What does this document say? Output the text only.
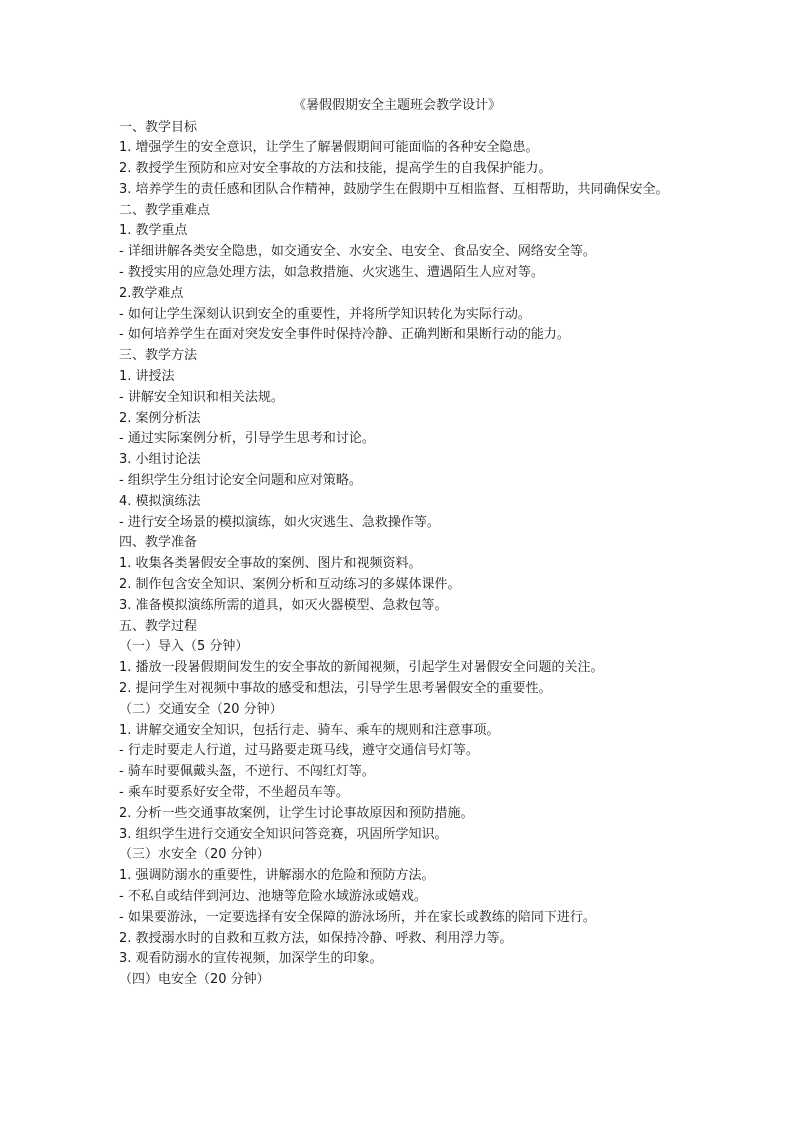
《暑假假期安全主题班会教学设计》
一、教学目标
1. 增强学生的安全意识，让学生了解暑假期间可能面临的各种安全隐患。
2. 教授学生预防和应对安全事故的方法和技能，提高学生的自我保护能力。
3. 培养学生的责任感和团队合作精神，鼓励学生在假期中互相监督、互相帮助，共同确保安全。
二、教学重难点
1. 教学重点
- 详细讲解各类安全隐患，如交通安全、水安全、电安全、食品安全、网络安全等。
- 教授实用的应急处理方法，如急救措施、火灾逃生、遭遇陌生人应对等。
2.教学难点
- 如何让学生深刻认识到安全的重要性，并将所学知识转化为实际行动。
- 如何培养学生在面对突发安全事件时保持冷静、正确判断和果断行动的能力。
三、教学方法
1. 讲授法
- 讲解安全知识和相关法规。
2. 案例分析法
- 通过实际案例分析，引导学生思考和讨论。
3. 小组讨论法
- 组织学生分组讨论安全问题和应对策略。
4. 模拟演练法
- 进行安全场景的模拟演练，如火灾逃生、急救操作等。
四、教学准备
1. 收集各类暑假安全事故的案例、图片和视频资料。
2. 制作包含安全知识、案例分析和互动练习的多媒体课件。
3. 准备模拟演练所需的道具，如灭火器模型、急救包等。
五、教学过程
（一）导入（5 分钟）
1. 播放一段暑假期间发生的安全事故的新闻视频，引起学生对暑假安全问题的关注。
2. 提问学生对视频中事故的感受和想法，引导学生思考暑假安全的重要性。
（二）交通安全（20 分钟）
1. 讲解交通安全知识，包括行走、骑车、乘车的规则和注意事项。
- 行走时要走人行道，过马路要走斑马线，遵守交通信号灯等。
- 骑车时要佩戴头盔，不逆行、不闯红灯等。
- 乘车时要系好安全带，不坐超员车等。
2. 分析一些交通事故案例，让学生讨论事故原因和预防措施。
3. 组织学生进行交通安全知识问答竞赛，巩固所学知识。
（三）水安全（20 分钟）
1. 强调防溺水的重要性，讲解溺水的危险和预防方法。
- 不私自或结伴到河边、池塘等危险水域游泳或嬉戏。
- 如果要游泳，一定要选择有安全保障的游泳场所，并在家长或教练的陪同下进行。
2. 教授溺水时的自救和互救方法，如保持冷静、呼救、利用浮力等。
3. 观看防溺水的宣传视频，加深学生的印象。
（四）电安全（20 分钟）
